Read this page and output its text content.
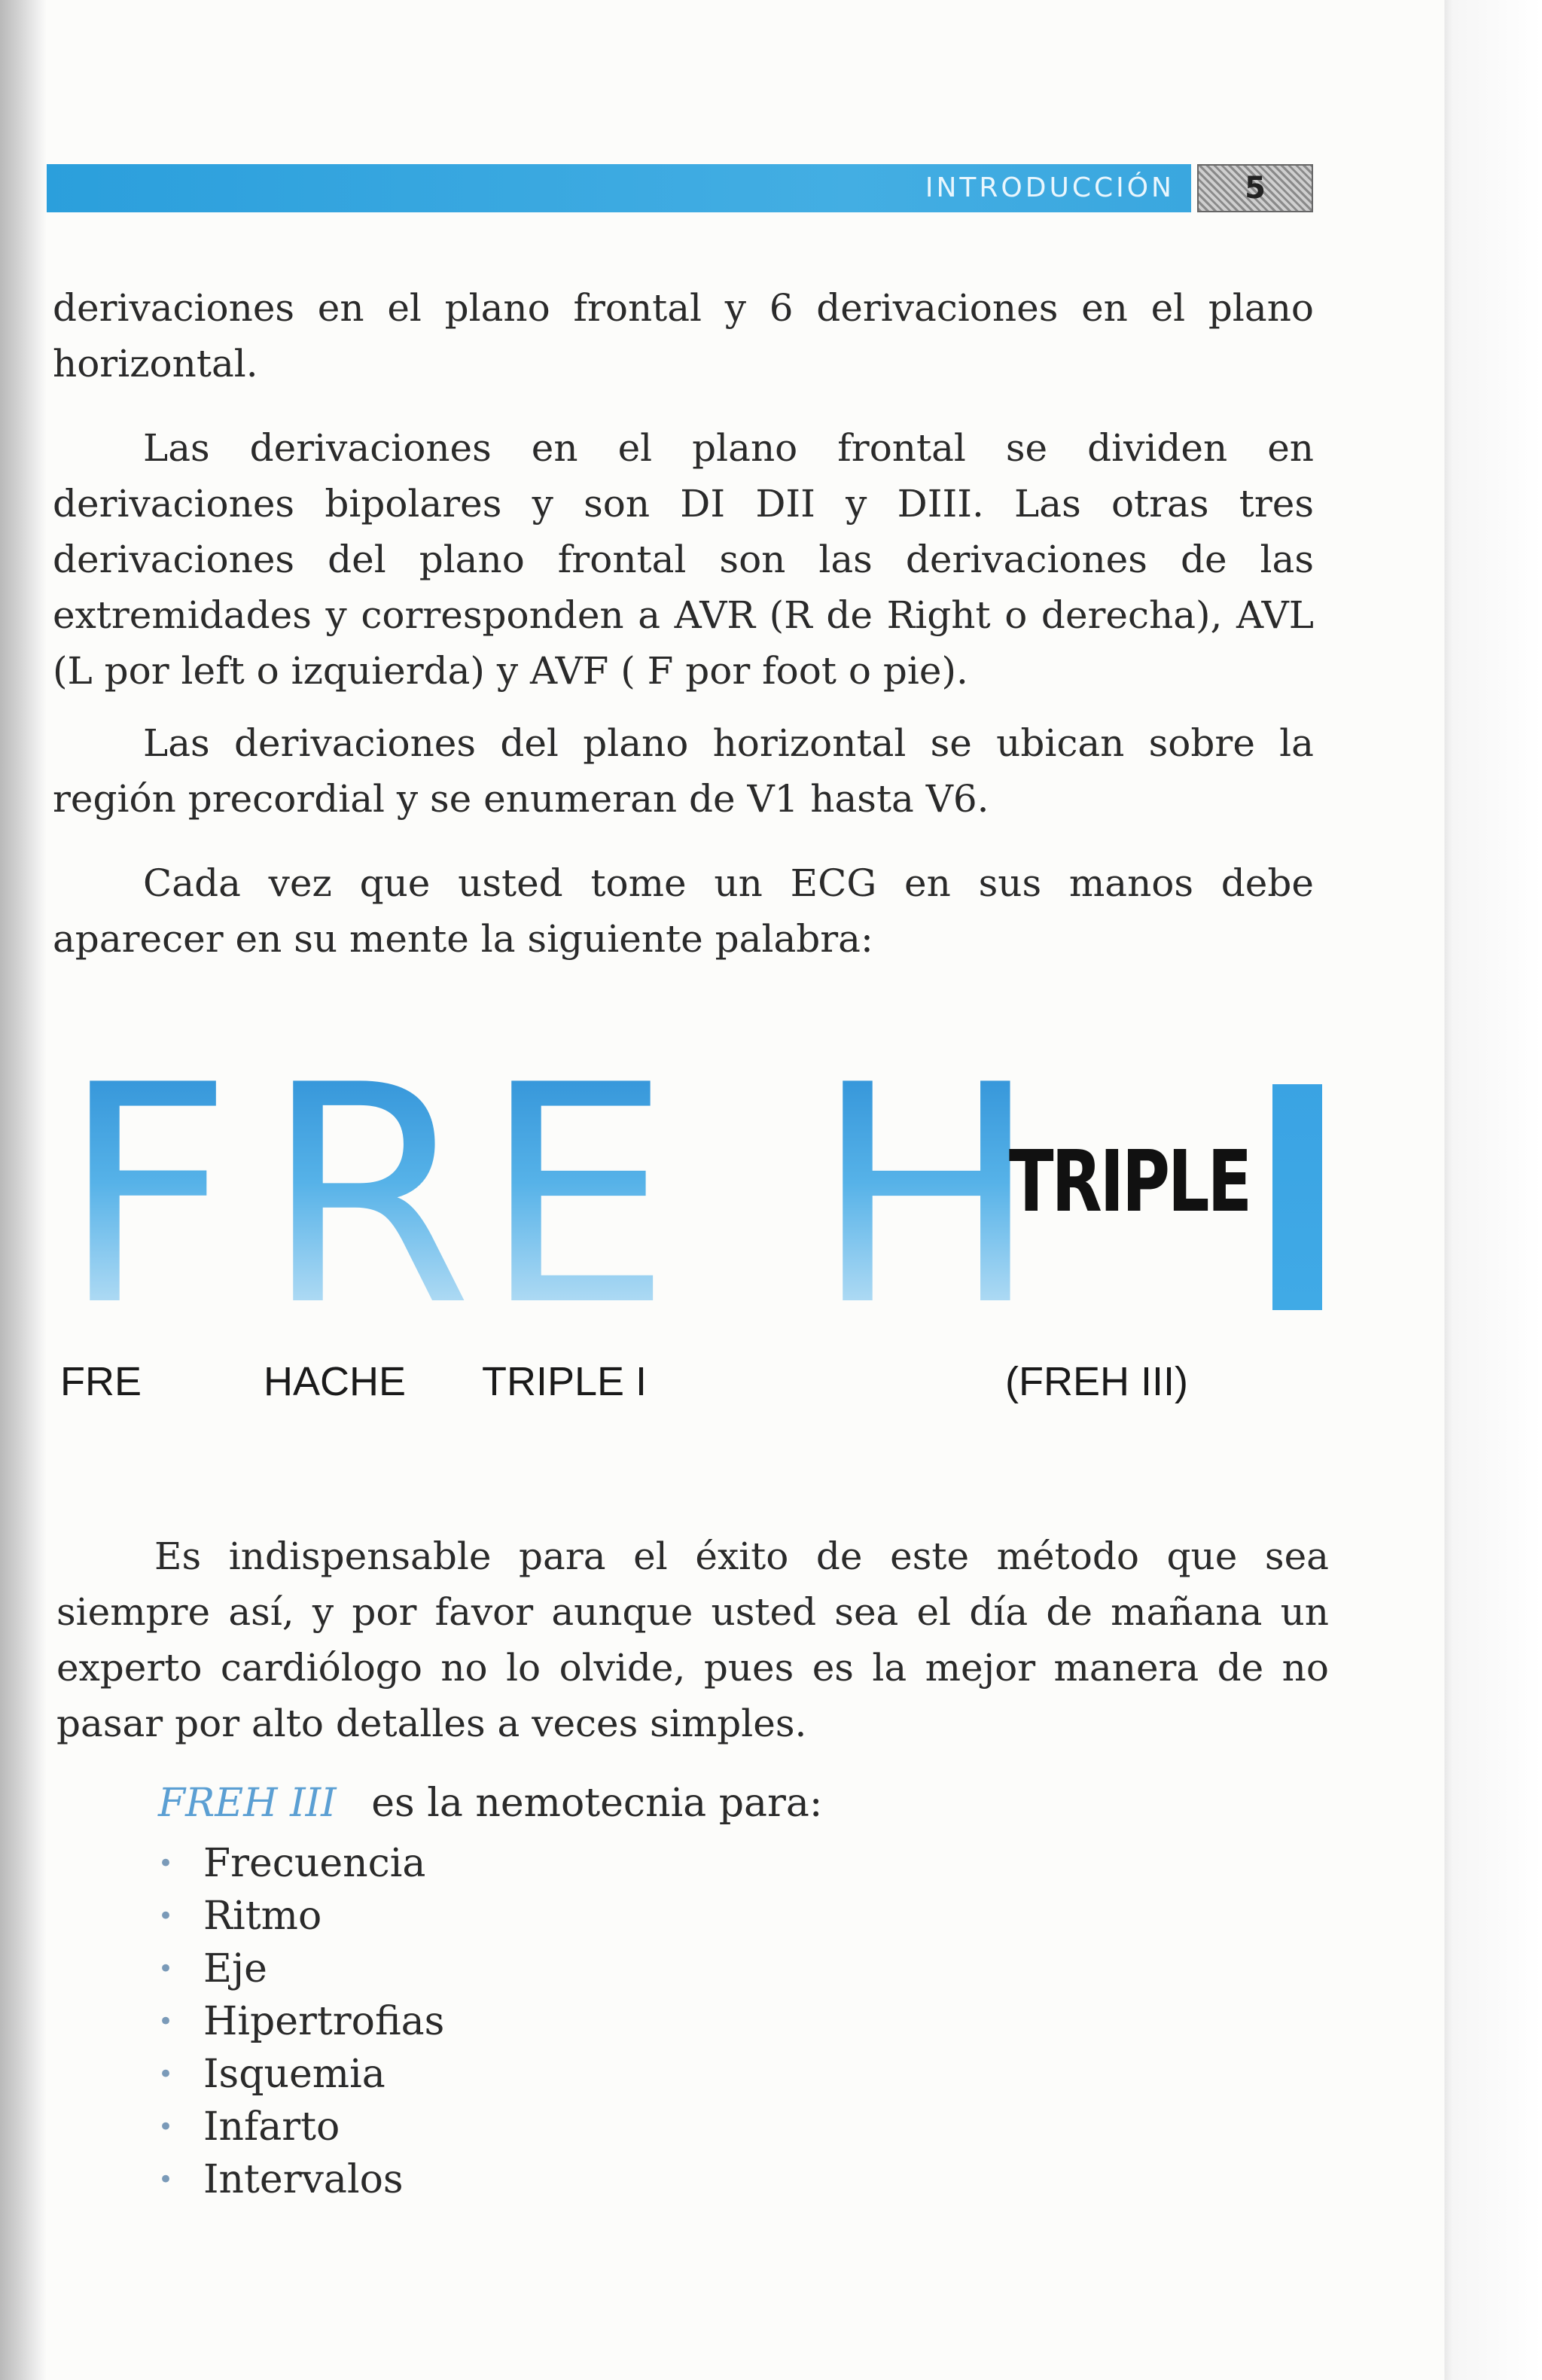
INTRODUCCIÓN	5

derivaciones en el plano frontal y 6 derivaciones en el plano horizontal.

Las derivaciones en el plano frontal se dividen en derivaciones bipolares y son DI DII y DIII. Las otras tres derivaciones del plano frontal son las derivaciones de las extremidades y corresponden a AVR (R de Right o derecha), AVL (L por left o izquierda) y AVF ( F por foot o pie).

Las derivaciones del plano horizontal se ubican sobre la región precordial y se enumeran de V1 hasta V6.

Cada vez que usted tome un ECG en sus manos debe aparecer en su mente la siguiente palabra:

F R E H
TRIPLE
FRE	HACHE TRIPLE I	(FREH III)

Es indispensable para el éxito de este método que sea siempre así, y por favor aunque usted sea el día de mañana un experto cardiólogo no lo olvide, pues es la mejor manera de no pasar por alto detalles a veces simples.

FREH III es la nemotecnia para:
• Frecuencia
• Ritmo
• Eje
• Hipertrofias
• Isquemia
• Infarto
• Intervalos
